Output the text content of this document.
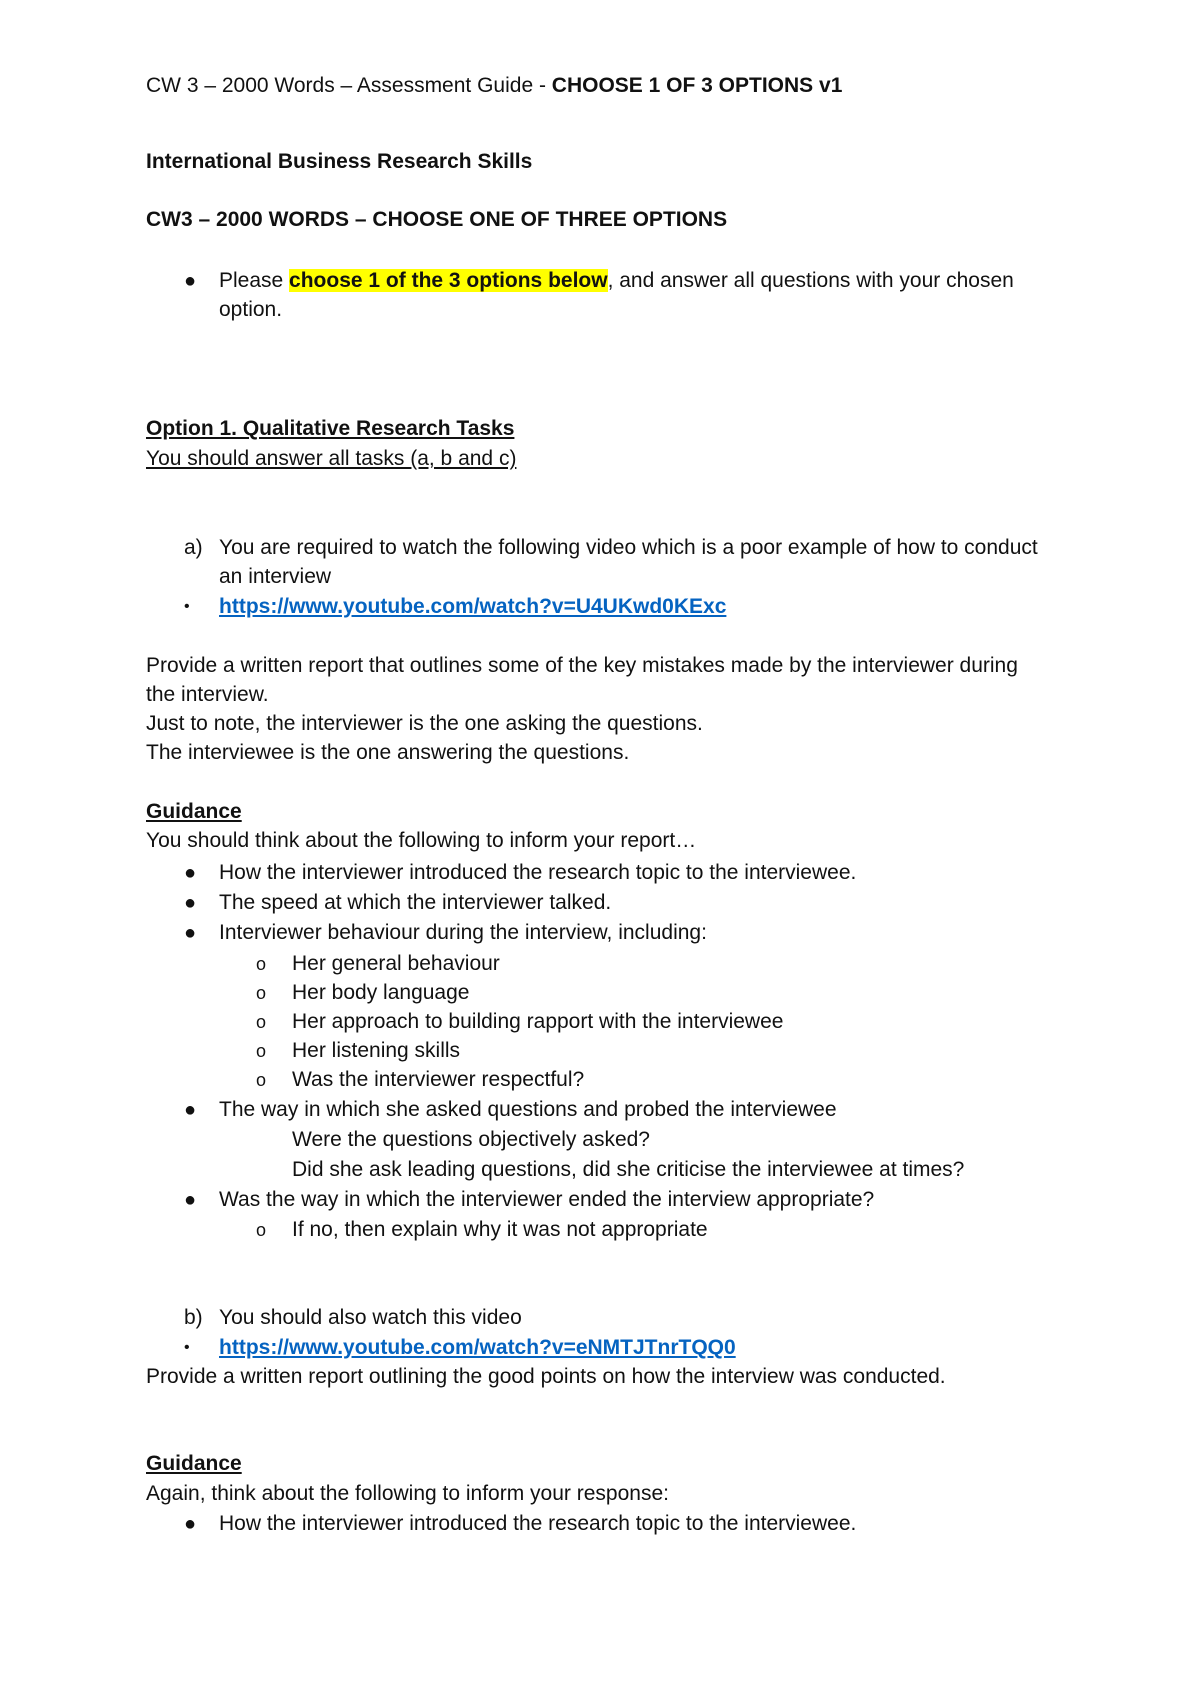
CW 3 – 2000 Words – Assessment Guide - CHOOSE 1 OF 3 OPTIONS v1
International Business Research Skills
CW3 – 2000 WORDS – CHOOSE ONE OF THREE OPTIONS
● Please choose 1 of the 3 options below, and answer all questions with your chosen
option.
Option 1. Qualitative Research Tasks
You should answer all tasks (a, b and c)
a) You are required to watch the following video which is a poor example of how to conduct
an interview
• https://www.youtube.com/watch?v=U4UKwd0KExc
Provide a written report that outlines some of the key mistakes made by the interviewer during
the interview.
Just to note, the interviewer is the one asking the questions.
The interviewee is the one answering the questions.
Guidance
You should think about the following to inform your report…
● How the interviewer introduced the research topic to the interviewee.
● The speed at which the interviewer talked.
● Interviewer behaviour during the interview, including:
o Her general behaviour
o Her body language
o Her approach to building rapport with the interviewee
o Her listening skills
o Was the interviewer respectful?
● The way in which she asked questions and probed the interviewee
Were the questions objectively asked?
Did she ask leading questions, did she criticise the interviewee at times?
● Was the way in which the interviewer ended the interview appropriate?
o If no, then explain why it was not appropriate
b) You should also watch this video
• https://www.youtube.com/watch?v=eNMTJTnrTQQ0
Provide a written report outlining the good points on how the interview was conducted.
Guidance
Again, think about the following to inform your response:
● How the interviewer introduced the research topic to the interviewee.
